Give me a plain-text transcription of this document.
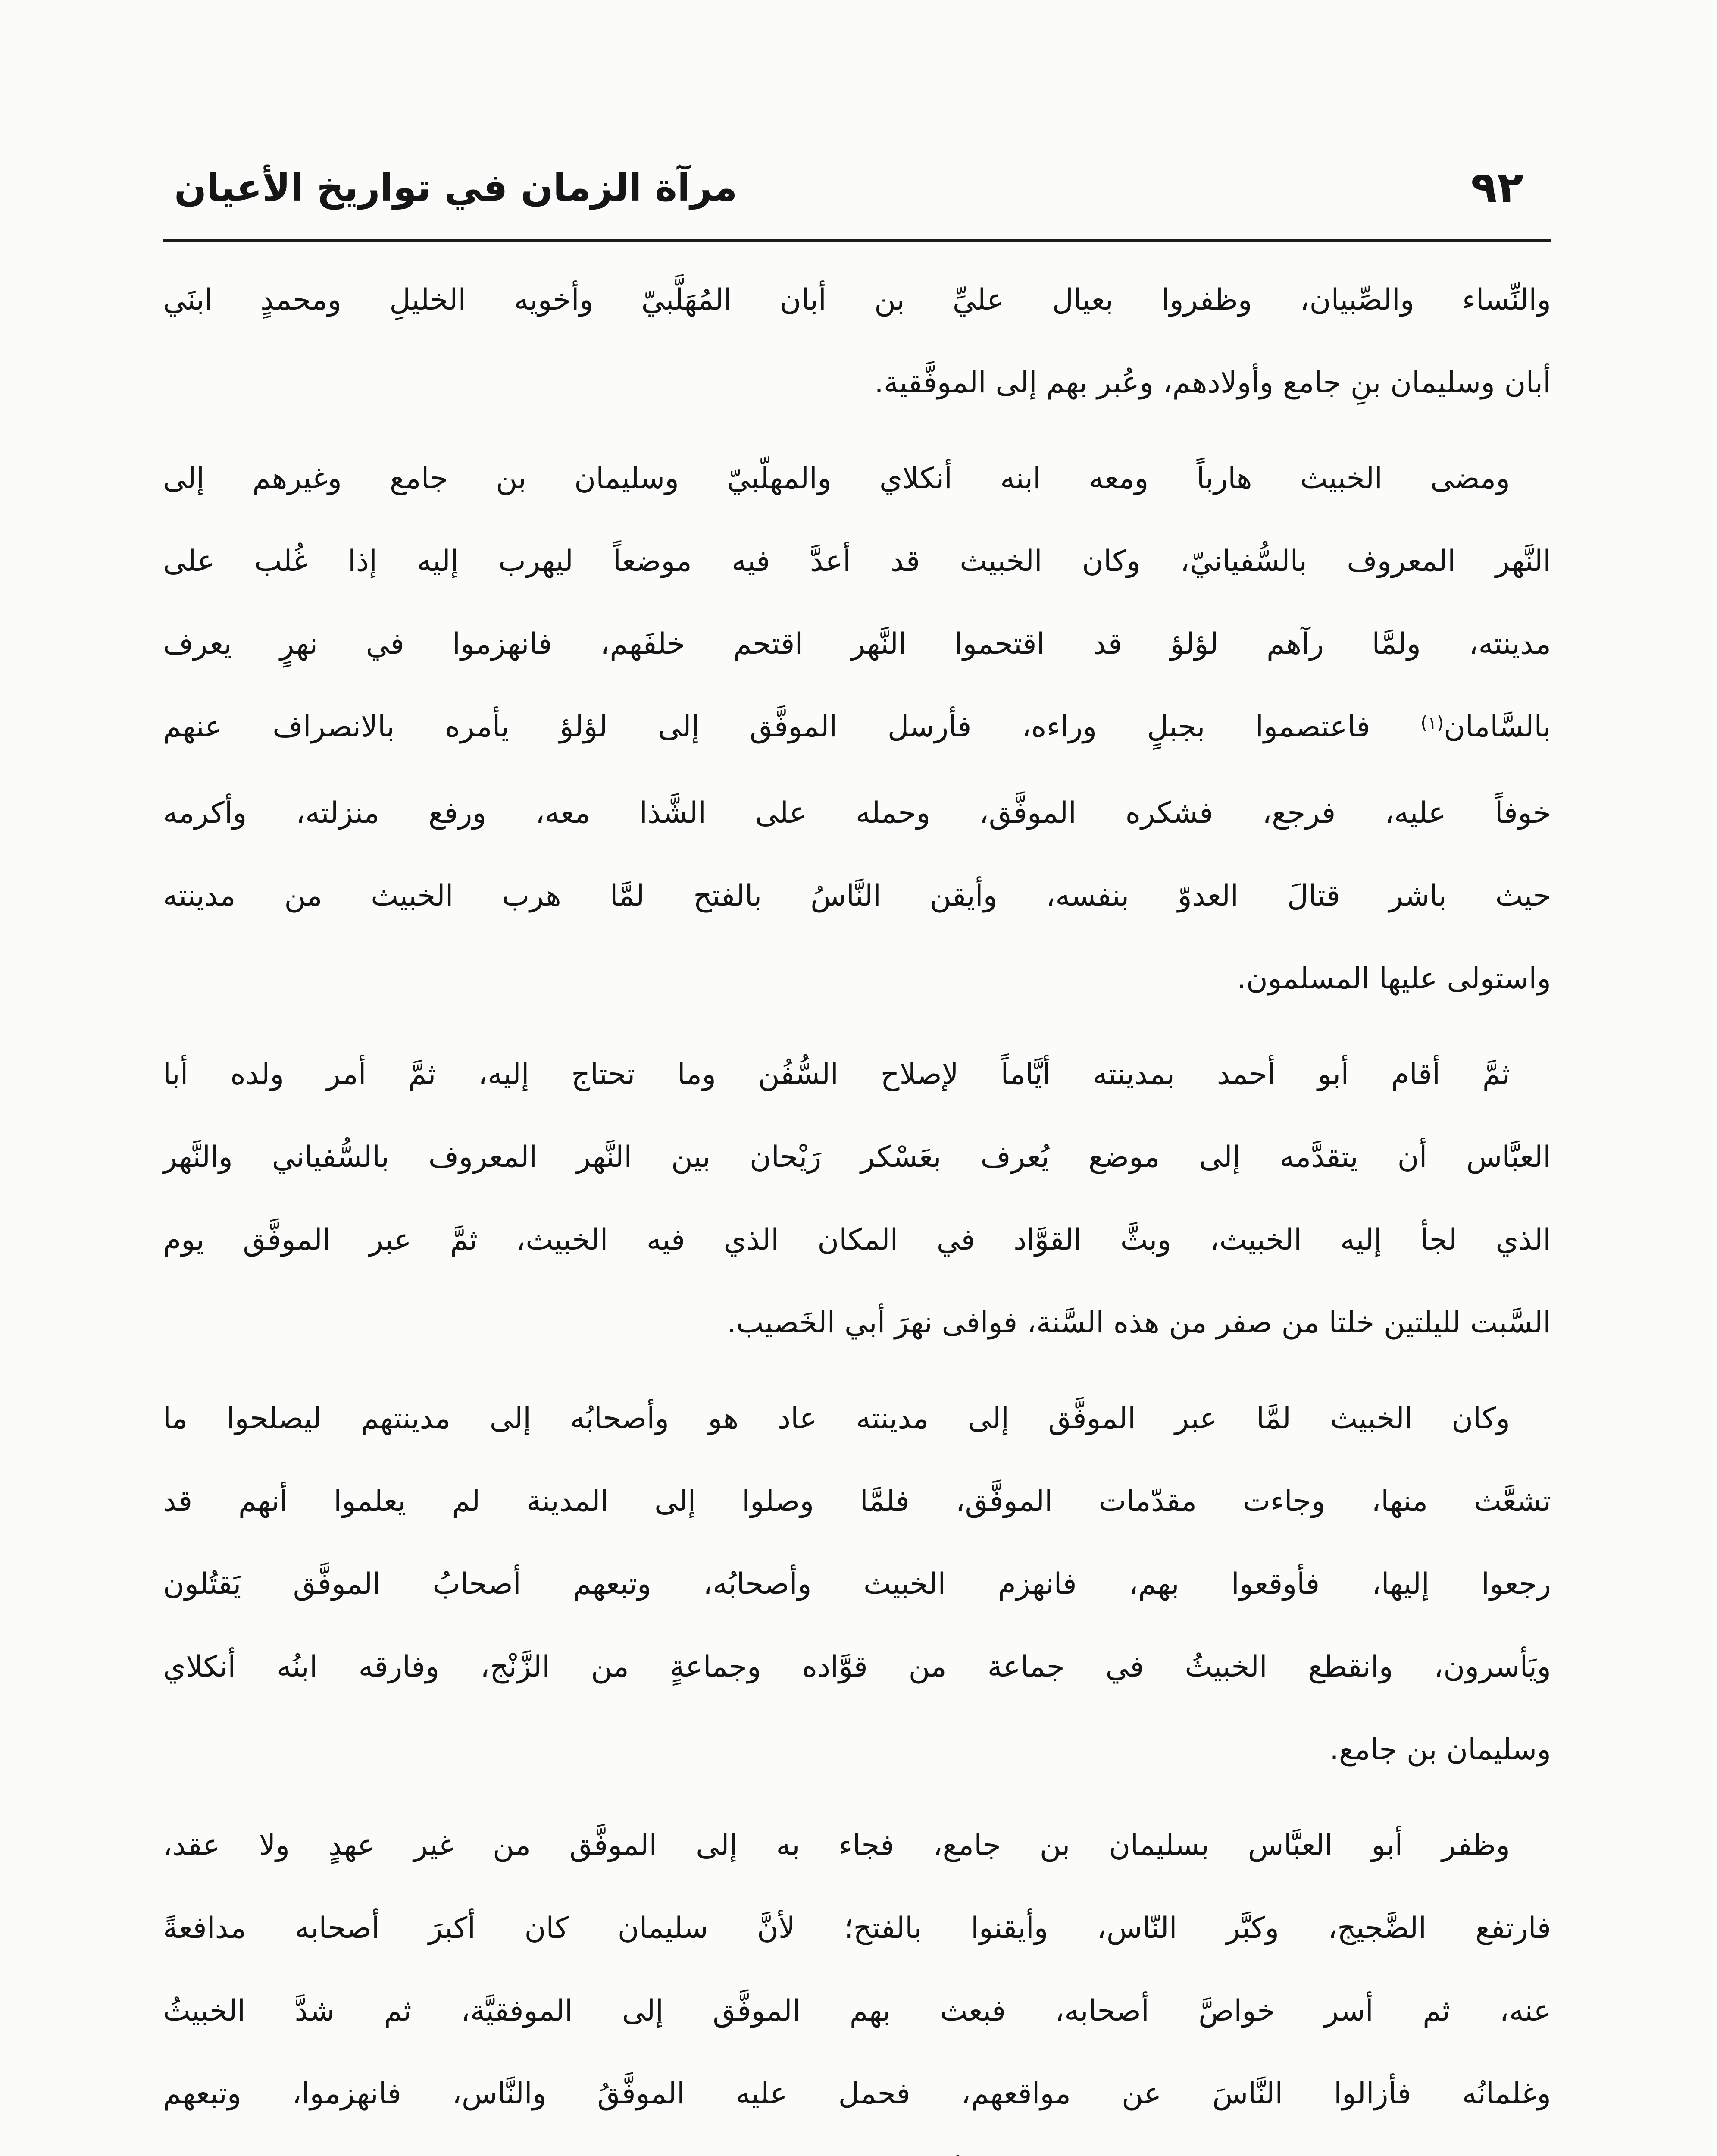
٩٢
مرآة الزمان في تواريخ الأعيان
والنِّساء والصِّبيان، وظفروا بعيال عليِّ بن أبان المُهَلَّبيّ وأخويه الخليلِ ومحمدٍ ابنَي
أبان وسليمان بنِ جامع وأولادهم، وعُبر بهم إلى الموفَّقية.
ومضى الخبيث هارباً ومعه ابنه أنكلاي والمهلّبيّ وسليمان بن جامع وغيرهم إلى
النَّهر المعروف بالسُّفيانيّ، وكان الخبيث قد أعدَّ فيه موضعاً ليهرب إليه إذا غُلب على
مدينته، ولمَّا رآهم لؤلؤ قد اقتحموا النَّهر اقتحم خلفَهم، فانهزموا في نهرٍ يعرف
بالسَّامان$^{(١)}$ فاعتصموا بجبلٍ وراءه، فأرسل الموفَّق إلى لؤلؤ يأمره بالانصراف عنهم
خوفاً عليه، فرجع، فشكره الموفَّق، وحمله على الشَّذا معه، ورفع منزلته، وأكرمه
حيث باشر قتالَ العدوّ بنفسه، وأيقن النَّاسُ بالفتح لمَّا هرب الخبيث من مدينته
واستولى عليها المسلمون.
ثمَّ أقام أبو أحمد بمدينته أيَّاماً لإصلاح السُّفُن وما تحتاج إليه، ثمَّ أمر ولده أبا
العبَّاس أن يتقدَّمه إلى موضع يُعرف بعَسْكر رَيْحان بين النَّهر المعروف بالسُّفياني والنَّهر
الذي لجأ إليه الخبيث، وبثَّ القوَّاد في المكان الذي فيه الخبيث، ثمَّ عبر الموفَّق يوم
السَّبت لليلتين خلتا من صفر من هذه السَّنة، فوافى نهرَ أبي الخَصيب.
وكان الخبيث لمَّا عبر الموفَّق إلى مدينته عاد هو وأصحابُه إلى مدينتهم ليصلحوا ما
تشعَّث منها، وجاءت مقدّمات الموفَّق، فلمَّا وصلوا إلى المدينة لم يعلموا أنهم قد
رجعوا إليها، فأوقعوا بهم، فانهزم الخبيث وأصحابُه، وتبعهم أصحابُ الموفَّق يَقتُلون
ويَأسرون، وانقطع الخبيثُ في جماعة من قوَّاده وجماعةٍ من الزَّنْج، وفارقه ابنُه أنكلاي
وسليمان بن جامع.
وظفر أبو العبَّاس بسليمان بن جامع، فجاء به إلى الموفَّق من غير عهدٍ ولا عقد،
فارتفع الضَّجيج، وكبَّر النّاس، وأيقنوا بالفتح؛ لأنَّ سليمان كان أكبرَ أصحابه مدافعةً
عنه، ثم أسر خواصَّ أصحابه، فبعث بهم الموفَّق إلى الموفقيَّة، ثم شدَّ الخبيثُ
وغلمانُه فأزالوا النَّاسَ عن مواقعهم، فحمل عليه الموفَّقُ والنَّاس، فانهزموا، وتبعهم
